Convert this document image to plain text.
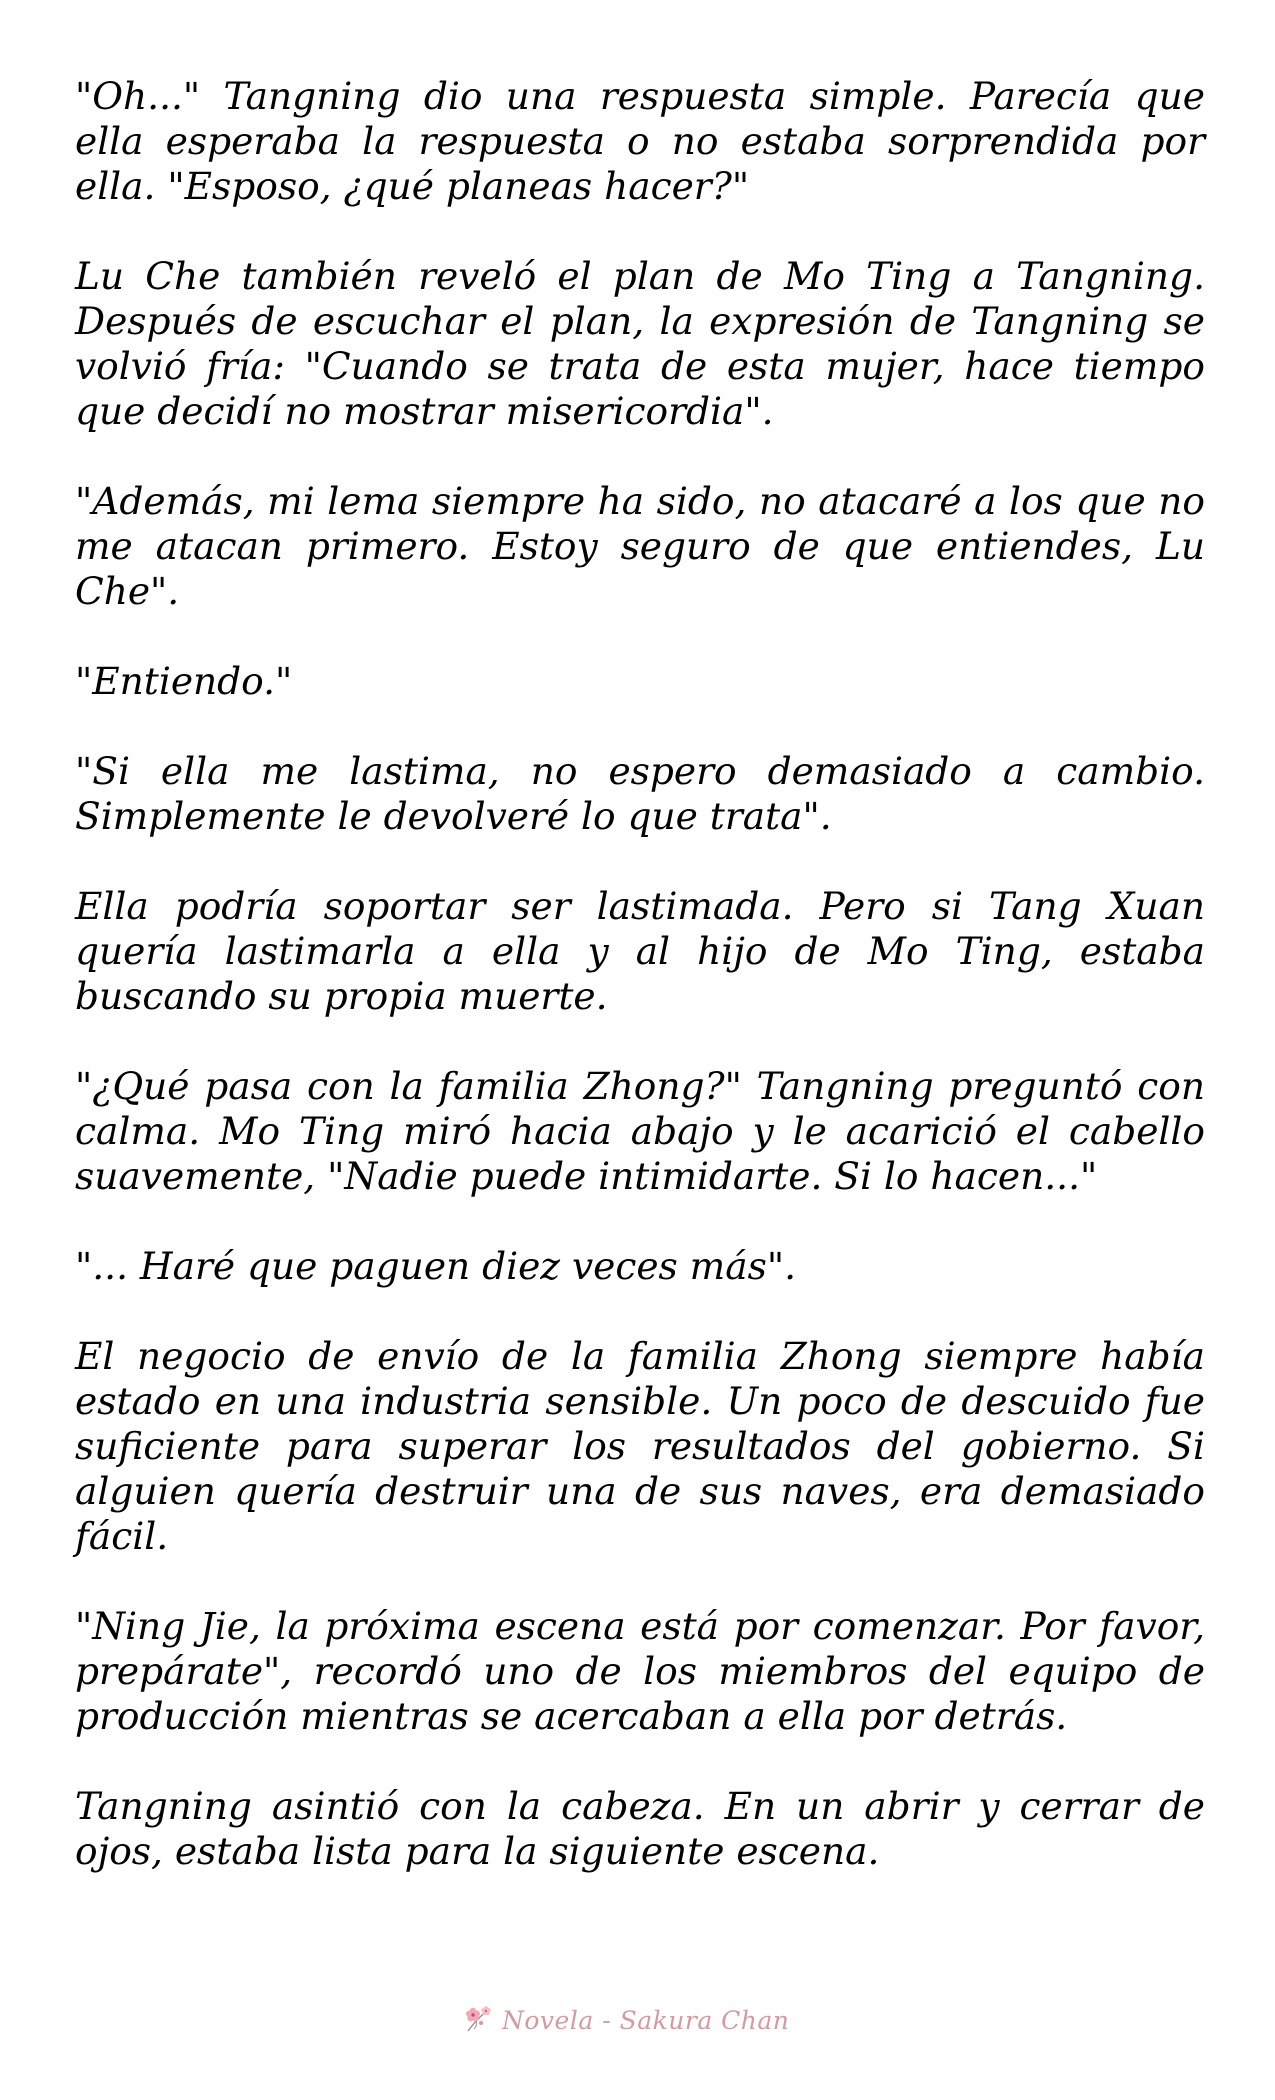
"Oh..." Tangning dio una respuesta simple. Parecía que ella esperaba la respuesta o no estaba sorprendida por ella. "Esposo, ¿qué planeas hacer?"

Lu Che también reveló el plan de Mo Ting a Tangning. Después de escuchar el plan, la expresión de Tangning se volvió fría: "Cuando se trata de esta mujer, hace tiempo que decidí no mostrar misericordia".

"Además, mi lema siempre ha sido, no atacaré a los que no me atacan primero. Estoy seguro de que entiendes, Lu Che".

"Entiendo."

"Si ella me lastima, no espero demasiado a cambio. Simplemente le devolveré lo que trata".

Ella podría soportar ser lastimada. Pero si Tang Xuan quería lastimarla a ella y al hijo de Mo Ting, estaba buscando su propia muerte.

"¿Qué pasa con la familia Zhong?" Tangning preguntó con calma. Mo Ting miró hacia abajo y le acarició el cabello suavemente, "Nadie puede intimidarte. Si lo hacen..."

"... Haré que paguen diez veces más".

El negocio de envío de la familia Zhong siempre había estado en una industria sensible. Un poco de descuido fue suficiente para superar los resultados del gobierno. Si alguien quería destruir una de sus naves, era demasiado fácil.

"Ning Jie, la próxima escena está por comenzar. Por favor, prepárate", recordó uno de los miembros del equipo de producción mientras se acercaban a ella por detrás.

Tangning asintió con la cabeza. En un abrir y cerrar de ojos, estaba lista para la siguiente escena.

Novela - Sakura Chan
